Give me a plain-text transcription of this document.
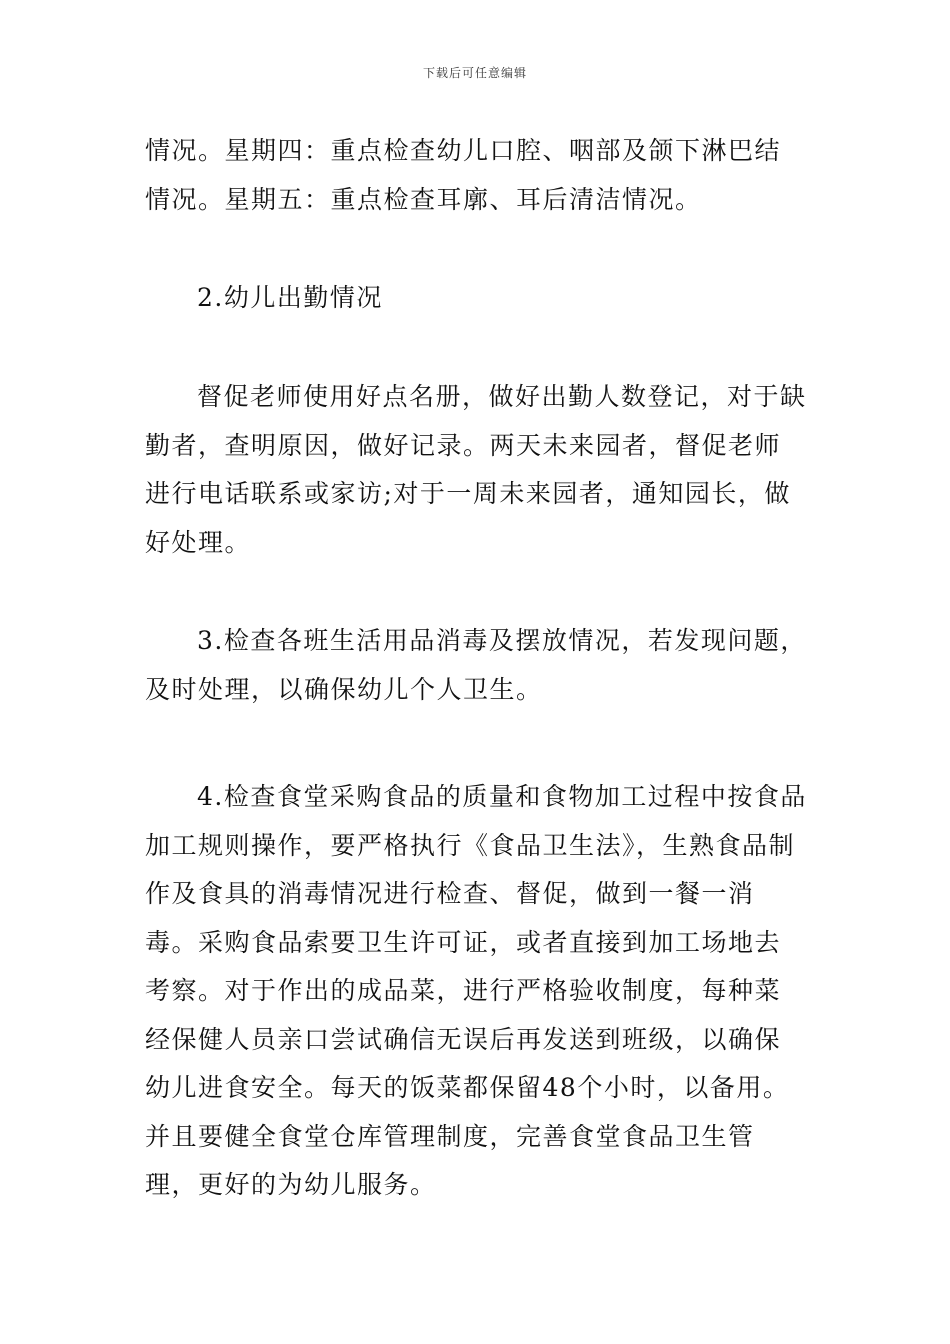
下载后可任意编辑

情况。星期四：重点检查幼儿口腔、咽部及颌下淋巴结情况。星期五：重点检查耳廓、耳后清洁情况。

2.幼儿出勤情况

督促老师使用好点名册，做好出勤人数登记，对于缺勤者，查明原因，做好记录。两天未来园者，督促老师进行电话联系或家访;对于一周未来园者，通知园长，做好处理。

3.检查各班生活用品消毒及摆放情况，若发现问题，及时处理，以确保幼儿个人卫生。

4.检查食堂采购食品的质量和食物加工过程中按食品加工规则操作，要严格执行《食品卫生法》，生熟食品制作及食具的消毒情况进行检查、督促，做到一餐一消毒。采购食品索要卫生许可证，或者直接到加工场地去考察。对于作出的成品菜，进行严格验收制度，每种菜经保健人员亲口尝试确信无误后再发送到班级，以确保幼儿进食安全。每天的饭菜都保留48个小时，以备用。并且要健全食堂仓库管理制度，完善食堂食品卫生管理，更好的为幼儿服务。
